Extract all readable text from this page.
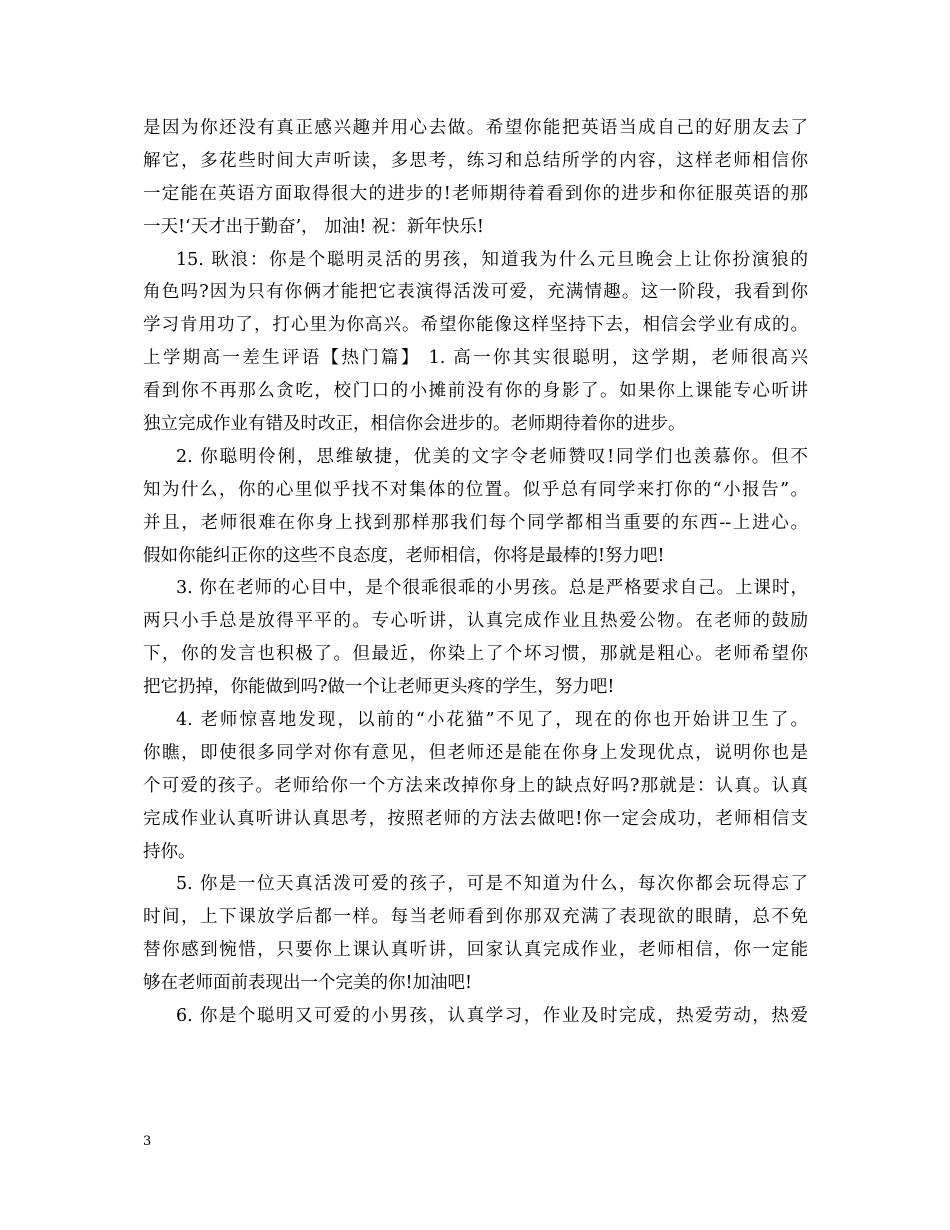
是因为你还没有真正感兴趣并用心去做。希望你能把英语当成自己的好朋友去了
解它，多花些时间大声听读，多思考，练习和总结所学的内容，这样老师相信你
一定能在英语方面取得很大的进步的!老师期待着看到你的进步和你征服英语的那
一天!‘天才出于勤奋’， 加油! 祝：新年快乐!
15. 耿浪：你是个聪明灵活的男孩，知道我为什么元旦晚会上让你扮演狼的
角色吗?因为只有你俩才能把它表演得活泼可爱，充满情趣。这一阶段，我看到你
学习肯用功了，打心里为你高兴。希望你能像这样坚持下去，相信会学业有成的。
上学期高一差生评语【热门篇】 1. 高一你其实很聪明，这学期，老师很高兴
看到你不再那么贪吃，校门口的小摊前没有你的身影了。如果你上课能专心听讲
独立完成作业有错及时改正，相信你会进步的。老师期待着你的进步。
2. 你聪明伶俐，思维敏捷，优美的文字令老师赞叹!同学们也羡慕你。但不
知为什么，你的心里似乎找不对集体的位置。似乎总有同学来打你的“小报告”。
并且，老师很难在你身上找到那样那我们每个同学都相当重要的东西--上进心。
假如你能纠正你的这些不良态度，老师相信，你将是最棒的!努力吧!
3. 你在老师的心目中，是个很乖很乖的小男孩。总是严格要求自己。上课时，
两只小手总是放得平平的。专心听讲，认真完成作业且热爱公物。在老师的鼓励
下，你的发言也积极了。但最近，你染上了个坏习惯，那就是粗心。老师希望你
把它扔掉，你能做到吗?做一个让老师更头疼的学生，努力吧!
4. 老师惊喜地发现，以前的“小花猫”不见了，现在的你也开始讲卫生了。
你瞧，即使很多同学对你有意见，但老师还是能在你身上发现优点，说明你也是
个可爱的孩子。老师给你一个方法来改掉你身上的缺点好吗?那就是：认真。认真
完成作业认真听讲认真思考，按照老师的方法去做吧!你一定会成功，老师相信支
持你。
5. 你是一位天真活泼可爱的孩子，可是不知道为什么，每次你都会玩得忘了
时间，上下课放学后都一样。每当老师看到你那双充满了表现欲的眼睛，总不免
替你感到惋惜，只要你上课认真听讲，回家认真完成作业，老师相信，你一定能
够在老师面前表现出一个完美的你!加油吧!
6. 你是个聪明又可爱的小男孩，认真学习，作业及时完成，热爱劳动，热爱
3
